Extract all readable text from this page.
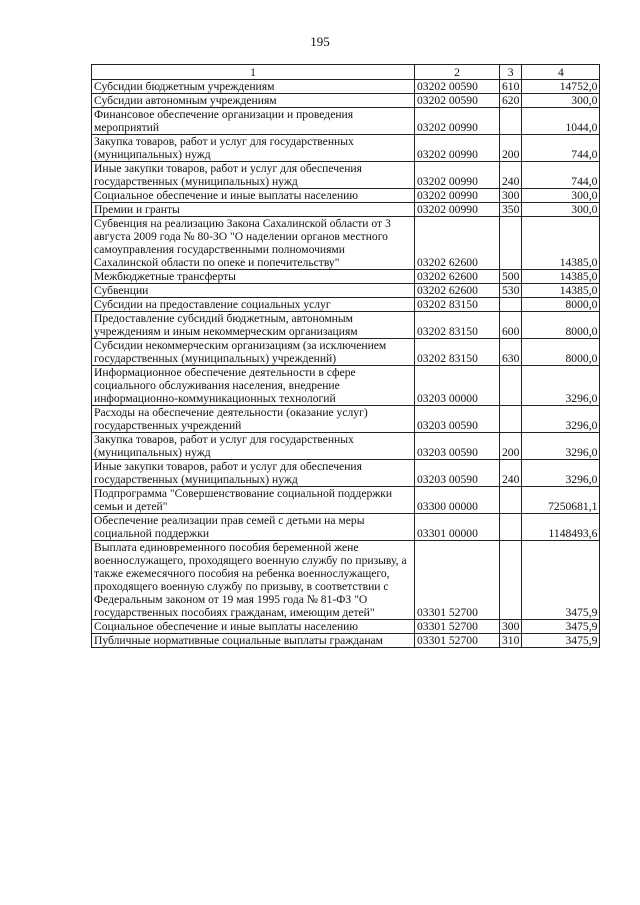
195
1	2	3	4
Субсидии бюджетным учреждениям	03202 00590	610	14752,0
Субсидии автономным учреждениям	03202 00590	620	300,0
Финансовое обеспечение организации и проведения мероприятий	03202 00990		1044,0
Закупка товаров, работ и услуг для государственных (муниципальных) нужд	03202 00990	200	744,0
Иные закупки товаров, работ и услуг для обеспечения государственных (муниципальных) нужд	03202 00990	240	744,0
Социальное обеспечение и иные выплаты населению	03202 00990	300	300,0
Премии и гранты	03202 00990	350	300,0
Субвенция на реализацию Закона Сахалинской области от 3 августа 2009 года № 80-ЗО "О наделении органов местного самоуправления государственными полномочиями Сахалинской области по опеке и попечительству"	03202 62600		14385,0
Межбюджетные трансферты	03202 62600	500	14385,0
Субвенции	03202 62600	530	14385,0
Субсидии на предоставление социальных услуг	03202 83150		8000,0
Предоставление субсидий бюджетным, автономным учреждениям и иным некоммерческим организациям	03202 83150	600	8000,0
Субсидии некоммерческим организациям (за исключением государственных (муниципальных) учреждений)	03202 83150	630	8000,0
Информационное обеспечение деятельности в сфере социального обслуживания населения, внедрение информационно-коммуникационных технологий	03203 00000		3296,0
Расходы на обеспечение деятельности (оказание услуг) государственных учреждений	03203 00590		3296,0
Закупка товаров, работ и услуг для государственных (муниципальных) нужд	03203 00590	200	3296,0
Иные закупки товаров, работ и услуг для обеспечения государственных (муниципальных) нужд	03203 00590	240	3296,0
Подпрограмма "Совершенствование социальной поддержки семьи и детей"	03300 00000		7250681,1
Обеспечение реализации прав семей с детьми на меры социальной поддержки	03301 00000		1148493,6
Выплата единовременного пособия беременной жене военнослужащего, проходящего военную службу по призыву, а также ежемесячного пособия на ребенка военнослужащего, проходящего военную службу по призыву, в соответствии с Федеральным законом от 19 мая 1995 года № 81-ФЗ "О государственных пособиях гражданам, имеющим детей"	03301 52700		3475,9
Социальное обеспечение и иные выплаты населению	03301 52700	300	3475,9
Публичные нормативные социальные выплаты гражданам	03301 52700	310	3475,9
